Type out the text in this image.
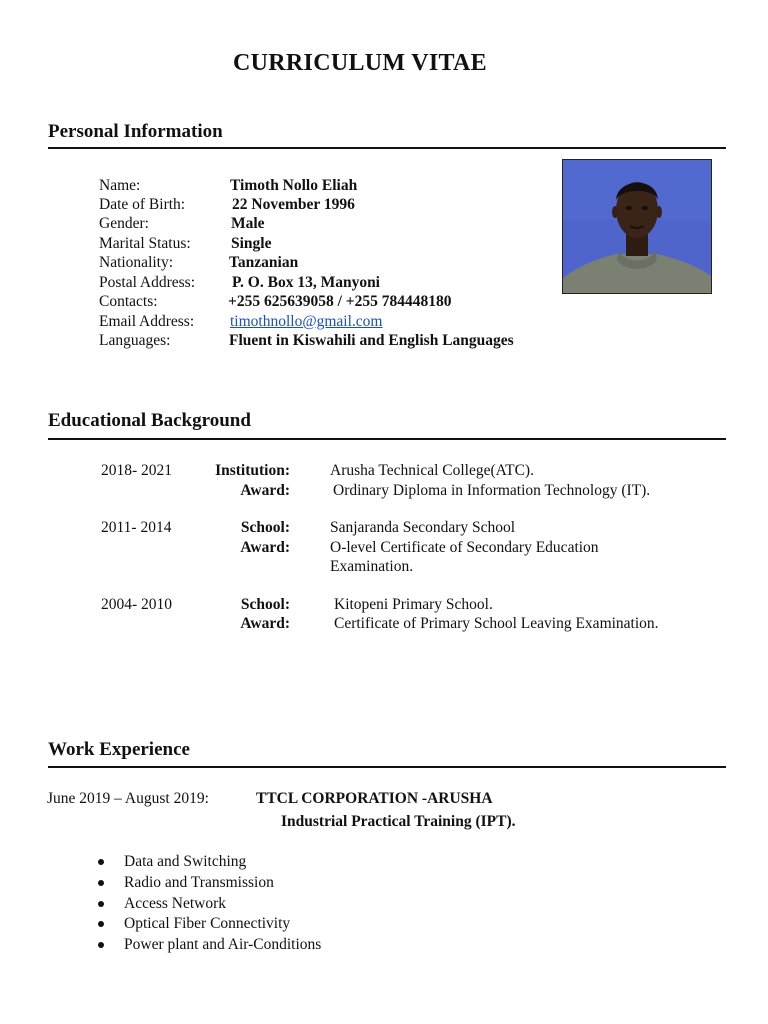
CURRICULUM VITAE
Personal Information
Name:	Timoth Nollo Eliah
Date of Birth:	22 November 1996
Gender:	Male
Marital Status:	Single
Nationality:	Tanzanian
Postal Address: P. O. Box 13, Manyoni
Contacts:	+255 625639058 / +255 784448180
Email Address: timothnollo@gmail.com
Languages:	Fluent in Kiswahili and English Languages
Educational Background
2018- 2021	Institution:	Arusha Technical College(ATC).
Award:	Ordinary Diploma in Information Technology (IT).
2011- 2014	School:	Sanjaranda Secondary School
Award:	O-level Certificate of Secondary Education
Examination.
2004- 2010	School:	Kitopeni Primary School.
Award:	Certificate of Primary School Leaving Examination.
Work Experience
June 2019 – August 2019:	TTCL CORPORATION -ARUSHA
Industrial Practical Training (IPT).
Data and Switching
Radio and Transmission
Access Network
Optical Fiber Connectivity
Power plant and Air-Conditions
